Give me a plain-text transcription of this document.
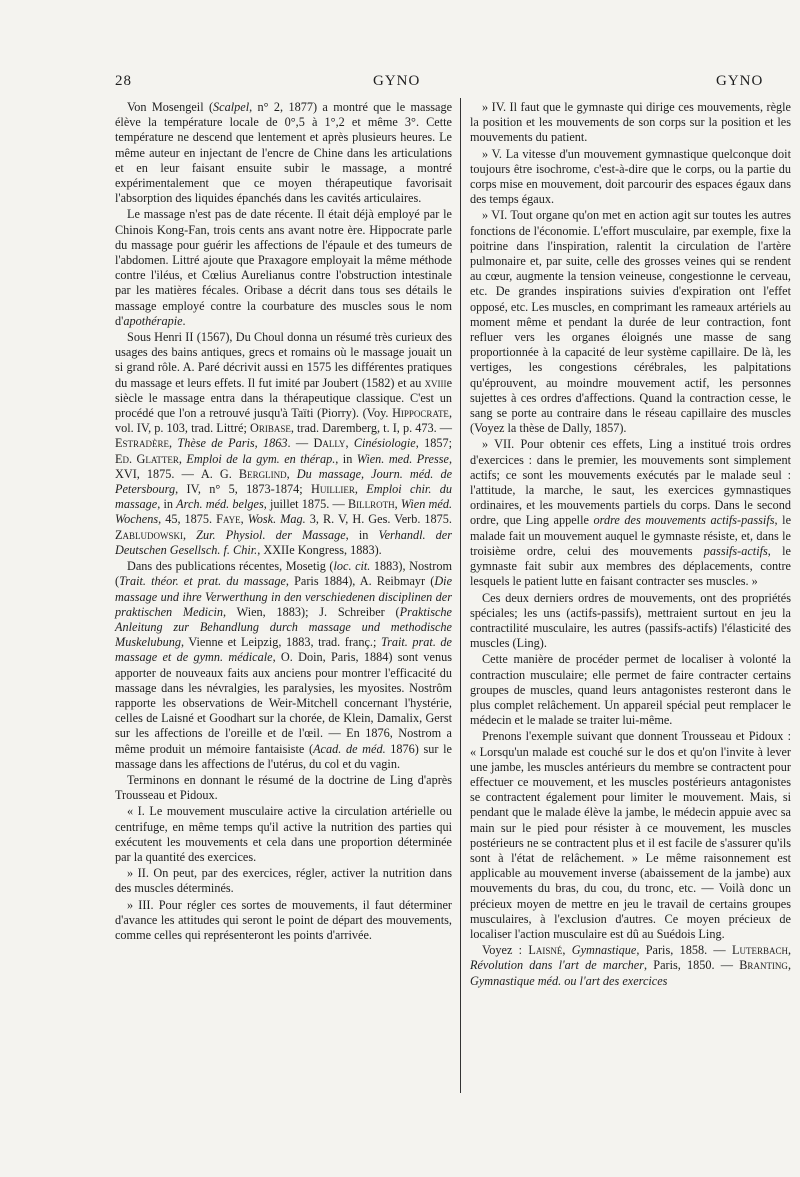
28	GYNO	GYNO

Von Mosengeil (Scalpel, n° 2, 1877) a montré que le massage élève la température locale de 0°,5 à 1°,2 et même 3°. Cette température ne descend que lentement et après plusieurs heures. Le même auteur en injectant de l'encre de Chine dans les articulations et en leur faisant ensuite subir le massage, a montré expérimentalement que ce moyen thérapeutique favorisait l'absorption des liquides épanchés dans les cavités articulaires.

Le massage n'est pas de date récente. Il était déjà employé par le Chinois Kong-Fan, trois cents ans avant notre ère. Hippocrate parle du massage pour guérir les affections de l'épaule et des tumeurs de l'abdomen. Littré ajoute que Praxagore employait la même méthode contre l'iléus, et Cœlius Aurelianus contre l'obstruction intestinale par les matières fécales. Oribase a décrit dans tous ses détails le massage employé contre la courbature des muscles sous le nom d'apothérapie.

Sous Henri II (1567), Du Choul donna un résumé très curieux des usages des bains antiques, grecs et romains où le massage jouait un si grand rôle. A. Paré décrivit aussi en 1575 les différentes pratiques du massage et leurs effets. Il fut imité par Joubert (1582) et au xviiie siècle le massage entra dans la thérapeutique classique. C'est un procédé que l'on a retrouvé jusqu'à Taïti (Piorry). (Voy. Hippocrate, vol. IV, p. 103, trad. Littré; Oribase, trad. Daremberg, t. I, p. 473. — Estradère, Thèse de Paris, 1863. — Dally, Cinésiologie, 1857; Ed. Glatter, Emploi de la gym. en thérap., in Wien. med. Presse, XVI, 1875. — A. G. Berglind, Du massage, Journ. méd. de Petersbourg, IV, n° 5, 1873-1874; Huillier, Emploi chir. du massage, in Arch. méd. belges, juillet 1875. — Billroth, Wien méd. Wochens, 45, 1875. Faye, Wosk. Mag. 3, R. V, H. Ges. Verb. 1875. Zabludowski, Zur. Physiol. der Massage, in Verhandl. der Deutschen Gesellsch. f. Chir., XXIIe Kongress, 1883).

Dans des publications récentes, Mosetig (loc. cit. 1883), Nostrom (Trait. théor. et prat. du massage, Paris 1884), A. Reibmayr (Die massage und ihre Verwerthung in den verschiedenen disciplinen der praktischen Medicin, Wien, 1883); J. Schreiber (Praktische Anleitung zur Behandlung durch massage und methodische Muskelubung, Vienne et Leipzig, 1883, trad. franç.; Trait. prat. de massage et de gymn. médicale, O. Doin, Paris, 1884) sont venus apporter de nouveaux faits aux anciens pour montrer l'efficacité du massage dans les névralgies, les paralysies, les myosites. Nostrôm rapporte les observations de Weir-Mitchell concernant l'hystérie, celles de Laisné et Goodhart sur la chorée, de Klein, Damalix, Gerst sur les affections de l'oreille et de l'œil. — En 1876, Nostrom a même produit un mémoire fantaisiste (Acad. de méd. 1876) sur le massage dans les affections de l'utérus, du col et du vagin.

Terminons en donnant le résumé de la doctrine de Ling d'après Trousseau et Pidoux.

« I. Le mouvement musculaire active la circulation artérielle ou centrifuge, en même temps qu'il active la nutrition des parties qui exécutent les mouvements et cela dans une proportion déterminée par la quantité des exercices.

» II. On peut, par des exercices, régler, activer la nutrition dans des muscles déterminés.

» III. Pour régler ces sortes de mouvements, il faut déterminer d'avance les attitudes qui seront le point de départ des mouvements, comme celles qui représenteront les points d'arrivée.

» IV. Il faut que le gymnaste qui dirige ces mouvements, règle la position et les mouvements de son corps sur la position et les mouvements du patient.

» V. La vitesse d'un mouvement gymnastique quelconque doit toujours être isochrome, c'est-à-dire que le corps, ou la partie du corps mise en mouvement, doit parcourir des espaces égaux dans des temps égaux.

» VI. Tout organe qu'on met en action agit sur toutes les autres fonctions de l'économie. L'effort musculaire, par exemple, fixe la poitrine dans l'inspiration, ralentit la circulation de l'artère pulmonaire et, par suite, celle des grosses veines qui se rendent au cœur, augmente la tension veineuse, congestionne le cerveau, etc. De grandes inspirations suivies d'expiration ont l'effet opposé, etc. Les muscles, en comprimant les rameaux artériels au moment même et pendant la durée de leur contraction, font refluer vers les organes éloignés une masse de sang proportionnée à la capacité de leur système capillaire. De là, les vertiges, les congestions cérébrales, les palpitations qu'éprouvent, au moindre mouvement actif, les personnes sujettes à ces ordres d'affections. Quand la contraction cesse, le sang se porte au contraire dans le réseau capillaire des muscles (Voyez la thèse de Dally, 1857).

» VII. Pour obtenir ces effets, Ling a institué trois ordres d'exercices : dans le premier, les mouvements sont simplement actifs; ce sont les mouvements exécutés par le malade seul : l'attitude, la marche, le saut, les exercices gymnastiques ordinaires, et les mouvements partiels du corps. Dans le second ordre, que Ling appelle ordre des mouvements actifs-passifs, le malade fait un mouvement auquel le gymnaste résiste, et, dans le troisième ordre, celui des mouvements passifs-actifs, le gymnaste fait subir aux membres des déplacements, contre lesquels le patient lutte en faisant contracter ses muscles. »

Ces deux derniers ordres de mouvements, ont des propriétés spéciales; les uns (actifs-passifs), mettraient surtout en jeu la contractilité musculaire, les autres (passifs-actifs) l'élasticité des muscles (Ling).

Cette manière de procéder permet de localiser à volonté la contraction musculaire; elle permet de faire contracter certains groupes de muscles, quand leurs antagonistes resteront dans le plus complet relâchement. Un appareil spécial peut remplacer le médecin et le malade se traiter lui-même.

Prenons l'exemple suivant que donnent Trousseau et Pidoux : « Lorsqu'un malade est couché sur le dos et qu'on l'invite à lever une jambe, les muscles antérieurs du membre se contractent pour effectuer ce mouvement, et les muscles postérieurs antagonistes se contractent également pour limiter le mouvement. Mais, si pendant que le malade élève la jambe, le médecin appuie avec sa main sur le pied pour résister à ce mouvement, les muscles postérieurs ne se contractent plus et il est facile de s'assurer qu'ils sont à l'état de relâchement. » Le même raisonnement est applicable au mouvement inverse (abaissement de la jambe) aux mouvements du bras, du cou, du tronc, etc. — Voilà donc un précieux moyen de mettre en jeu le travail de certains groupes musculaires, à l'exclusion d'autres. Ce moyen précieux de localiser l'action musculaire est dû au Suédois Ling.

Voyez : Laisné, Gymnastique, Paris, 1858. — Luterbach, Révolution dans l'art de marcher, Paris, 1850. — Branting, Gymnastique méd. ou l'art des exercices
